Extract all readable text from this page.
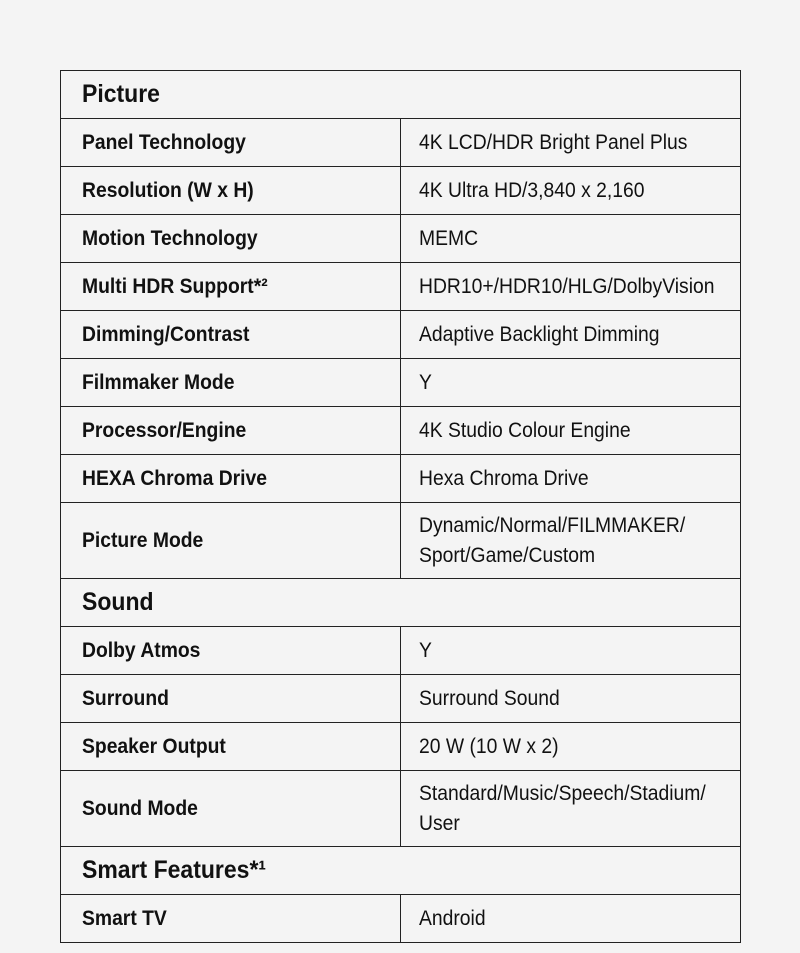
Picture	
Panel Technology	4K LCD/HDR Bright Panel Plus
Resolution (W x H)	4K Ultra HD/3,840 x 2,160
Motion Technology	MEMC
Multi HDR Support*²	HDR10+/HDR10/HLG/DolbyVision
Dimming/Contrast	Adaptive Backlight Dimming
Filmmaker Mode	Y
Processor/Engine	4K Studio Colour Engine
HEXA Chroma Drive	Hexa Chroma Drive
Picture Mode	Dynamic/Normal/FILMMAKER/ Sport/Game/Custom
Sound	
Dolby Atmos	Y
Surround	Surround Sound
Speaker Output	20 W (10 W x 2)
Sound Mode	Standard/Music/Speech/Stadium/ User
Smart Features*¹	
Smart TV	Android
